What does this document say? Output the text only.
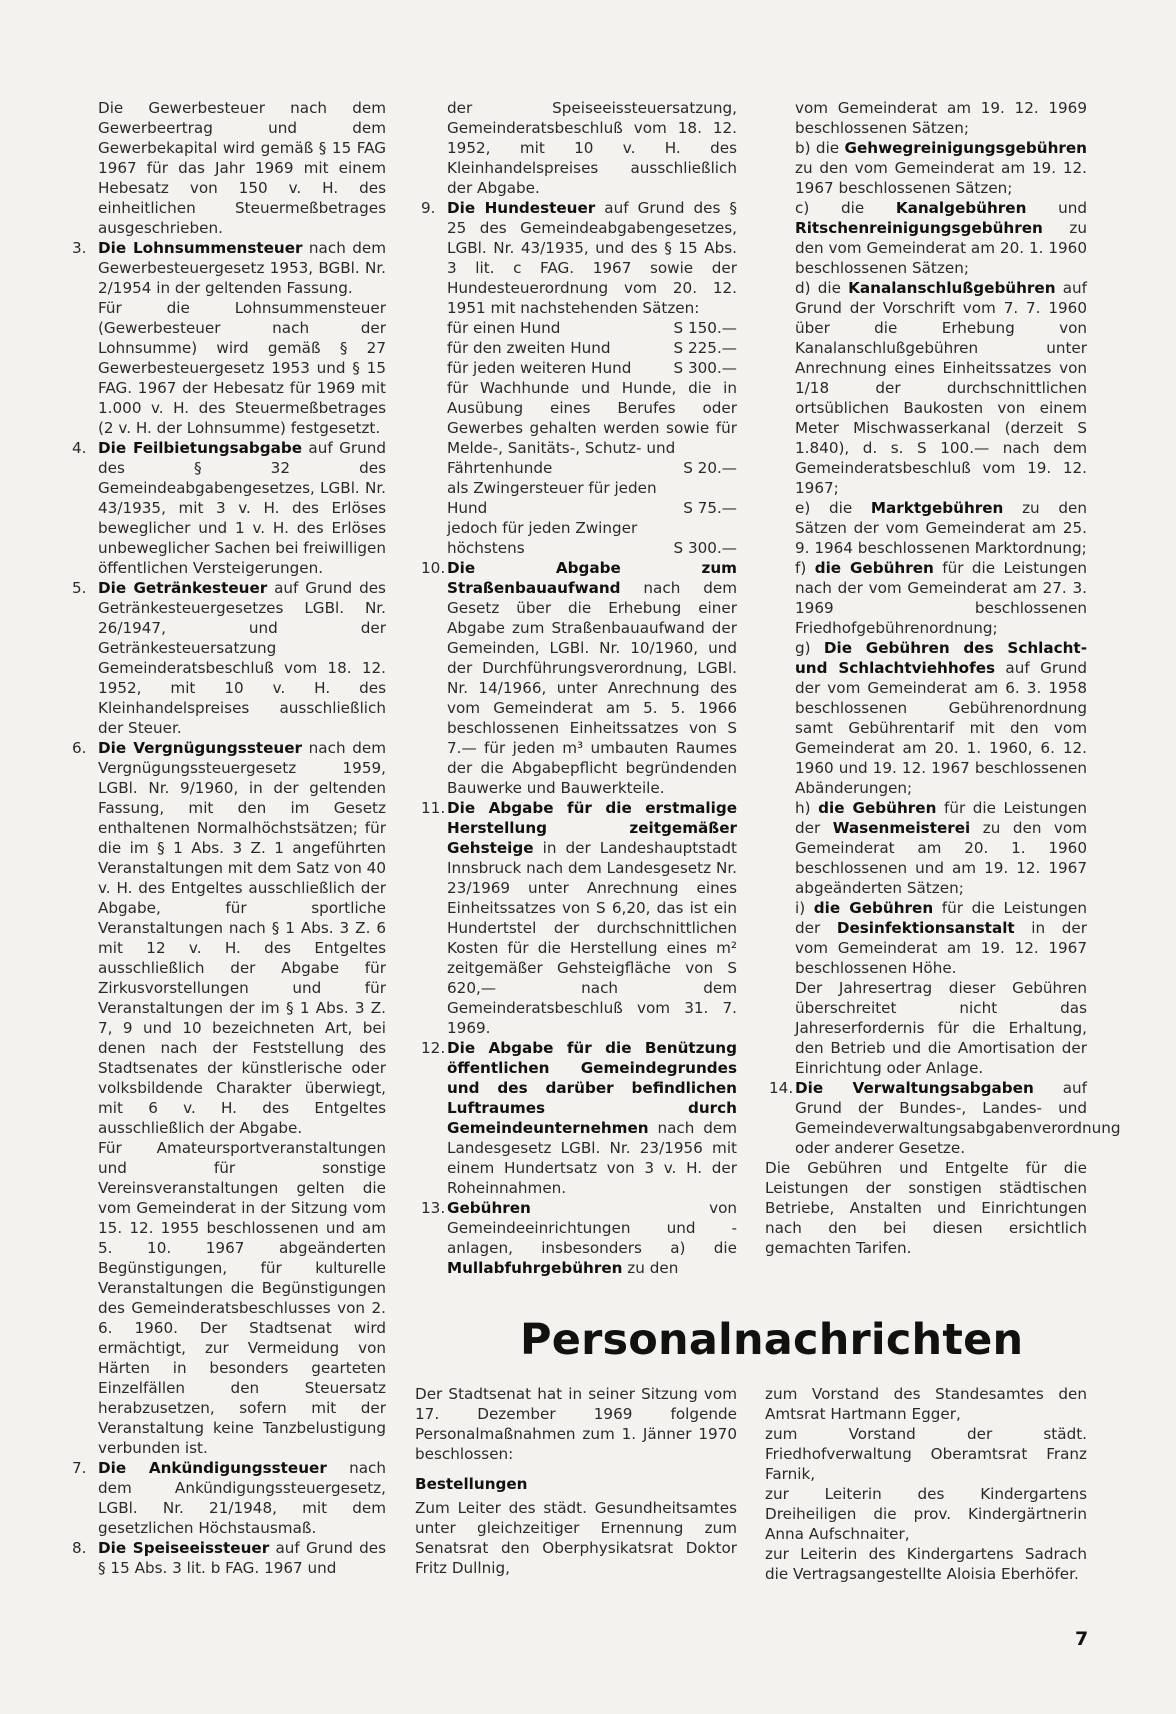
Die Gewerbesteuer nach dem Gewerbeertrag und dem Gewerbekapital wird gemäß § 15 FAG 1967 für das Jahr 1969 mit einem Hebesatz von 150 v. H. des einheitlichen Steuermeßbetrages ausgeschrieben.

3. Die Lohnsummensteuer nach dem Gewerbesteuergesetz 1953, BGBl. Nr. 2/1954 in der geltenden Fassung.

Für die Lohnsummensteuer (Gewerbesteuer nach der Lohnsumme) wird gemäß § 27 Gewerbesteuergesetz 1953 und § 15 FAG. 1967 der Hebesatz für 1969 mit 1.000 v. H. des Steuermeßbetrages (2 v. H. der Lohnsumme) festgesetzt.

4. Die Feilbietungsabgabe auf Grund des § 32 des Gemeindeabgabengesetzes, LGBl. Nr. 43/1935, mit 3 v. H. des Erlöses beweglicher und 1 v. H. des Erlöses unbeweglicher Sachen bei freiwilligen öffentlichen Versteigerungen.
5. Die Getränkesteuer auf Grund des Getränkesteuergesetzes LGBl. Nr. 26/1947, und der Getränkesteuersatzung Gemeinderatsbeschluß vom 18. 12. 1952, mit 10 v. H. des Kleinhandelspreises ausschließlich der Steuer.
6. Die Vergnügungssteuer nach dem Vergnügungssteuergesetz 1959, LGBl. Nr. 9/1960, in der geltenden Fassung, mit den im Gesetz enthaltenen Normalhöchstsätzen; für die im § 1 Abs. 3 Z. 1 angeführten Veranstaltungen mit dem Satz von 40 v. H. des Entgeltes ausschließlich der Abgabe, für sportliche Veranstaltungen nach § 1 Abs. 3 Z. 6 mit 12 v. H. des Entgeltes ausschließlich der Abgabe für Zirkusvorstellungen und für Veranstaltungen der im § 1 Abs. 3 Z. 7, 9 und 10 bezeichneten Art, bei denen nach der Feststellung des Stadtsenates der künstlerische oder volksbildende Charakter überwiegt, mit 6 v. H. des Entgeltes ausschließlich der Abgabe.

Für Amateursportveranstaltungen und für sonstige Vereinsveranstaltungen gelten die vom Gemeinderat in der Sitzung vom 15. 12. 1955 beschlossenen und am 5. 10. 1967 abgeänderten Begünstigungen, für kulturelle Veranstaltungen die Begünstigungen des Gemeinderatsbeschlusses von 2. 6. 1960. Der Stadtsenat wird ermächtigt, zur Vermeidung von Härten in besonders gearteten Einzelfällen den Steuersatz herabzusetzen, sofern mit der Veranstaltung keine Tanzbelustigung verbunden ist.

7. Die Ankündigungssteuer nach dem Ankündigungssteuergesetz, LGBl. Nr. 21/1948, mit dem gesetzlichen Höchstausmaß.
8. Die Speiseeissteuer auf Grund des § 15 Abs. 3 lit. b FAG. 1967 und

der Speiseeissteuersatzung, Gemeinderatsbeschluß vom 18. 12. 1952, mit 10 v. H. des Kleinhandelspreises ausschließlich der Abgabe.

9. Die Hundesteuer auf Grund des § 25 des Gemeindeabgabengesetzes, LGBl. Nr. 43/1935, und des § 15 Abs. 3 lit. c FAG. 1967 sowie der Hundesteuerordnung vom 20. 12. 1951 mit nachstehenden Sätzen:
für einen Hund	S 150.—
für den zweiten Hund	S 225.—
für jeden weiteren Hund	S 300.—

für Wachhunde und Hunde, die in Ausübung eines Berufes oder Gewerbes gehalten werden sowie für Melde-, Sanitäts-, Schutz- und

Fährtenhunde	S 20.—

als Zwingersteuer für jeden

Hund	S 75.—

jedoch für jeden Zwinger

höchstens	S 300.—
10. Die Abgabe zum Straßenbauaufwand nach dem Gesetz über die Erhebung einer Abgabe zum Straßenbauaufwand der Gemeinden, LGBl. Nr. 10/1960, und der Durchführungsverordnung, LGBl. Nr. 14/1966, unter Anrechnung des vom Gemeinderat am 5. 5. 1966 beschlossenen Einheitssatzes von S 7.— für jeden m³ umbauten Raumes der die Abgabepflicht begründenden Bauwerke und Bauwerkteile.
11. Die Abgabe für die erstmalige Herstellung zeitgemäßer Gehsteige in der Landeshauptstadt Innsbruck nach dem Landesgesetz Nr. 23/1969 unter Anrechnung eines Einheitssatzes von S 6,20, das ist ein Hundertstel der durchschnittlichen Kosten für die Herstellung eines m² zeitgemäßer Gehsteigfläche von S 620,— nach dem Gemeinderatsbeschluß vom 31. 7. 1969.
12. Die Abgabe für die Benützung öffentlichen Gemeindegrundes und des darüber befindlichen Luftraumes durch Gemeindeunternehmen nach dem Landesgesetz LGBl. Nr. 23/1956 mit einem Hundertsatz von 3 v. H. der Roheinnahmen.
13. Gebühren von Gemeindeeinrichtungen und -anlagen, insbesonders a) die Mullabfuhrgebühren zu den

vom Gemeinderat am 19. 12. 1969 beschlossenen Sätzen;

b) die Gehwegreinigungsgebühren zu den vom Gemeinderat am 19. 12. 1967 beschlossenen Sätzen;

c) die Kanalgebühren und Ritschenreinigungsgebühren zu den vom Gemeinderat am 20. 1. 1960 beschlossenen Sätzen;

d) die Kanalanschlußgebühren auf Grund der Vorschrift vom 7. 7. 1960 über die Erhebung von Kanalanschlußgebühren unter Anrechnung eines Einheitssatzes von 1/18 der durchschnittlichen ortsüblichen Baukosten von einem Meter Mischwasserkanal (derzeit S 1.840), d. s. S 100.— nach dem Gemeinderatsbeschluß vom 19. 12. 1967;

e) die Marktgebühren zu den Sätzen der vom Gemeinderat am 25. 9. 1964 beschlossenen Marktordnung;

f) die Gebühren für die Leistungen nach der vom Gemeinderat am 27. 3. 1969 beschlossenen Friedhofgebührenordnung;

g) Die Gebühren des Schlacht- und Schlachtviehhofes auf Grund der vom Gemeinderat am 6. 3. 1958 beschlossenen Gebührenordnung samt Gebührentarif mit den vom Gemeinderat am 20. 1. 1960, 6. 12. 1960 und 19. 12. 1967 beschlossenen Abänderungen;

h) die Gebühren für die Leistungen der Wasenmeisterei zu den vom Gemeinderat am 20. 1. 1960 beschlossenen und am 19. 12. 1967 abgeänderten Sätzen;

i) die Gebühren für die Leistungen der Desinfektionsanstalt in der vom Gemeinderat am 19. 12. 1967 beschlossenen Höhe.

Der Jahresertrag dieser Gebühren überschreitet nicht das Jahreserfordernis für die Erhaltung, den Betrieb und die Amortisation der Einrichtung oder Anlage.

14. Die Verwaltungsabgaben auf Grund der Bundes-, Landes- und Gemeindeverwaltungsabgabenverordnung oder anderer Gesetze.

Die Gebühren und Entgelte für die Leistungen der sonstigen städtischen Betriebe, Anstalten und Einrichtungen nach den bei diesen ersichtlich gemachten Tarifen.

Personalnachrichten

Der Stadtsenat hat in seiner Sitzung vom 17. Dezember 1969 folgende Personalmaßnahmen zum 1. Jänner 1970 beschlossen:

Bestellungen

Zum Leiter des städt. Gesundheitsamtes unter gleichzeitiger Ernennung zum Senatsrat den Oberphysikatsrat Doktor Fritz Dullnig,

zum Vorstand des Standesamtes den Amtsrat Hartmann Egger,

zum Vorstand der städt. Friedhofverwaltung Oberamtsrat Franz Farnik,

zur Leiterin des Kindergartens Dreiheiligen die prov. Kindergärtnerin Anna Aufschnaiter,

zur Leiterin des Kindergartens Sadrach die Vertragsangestellte Aloisia Eberhöfer.

7
